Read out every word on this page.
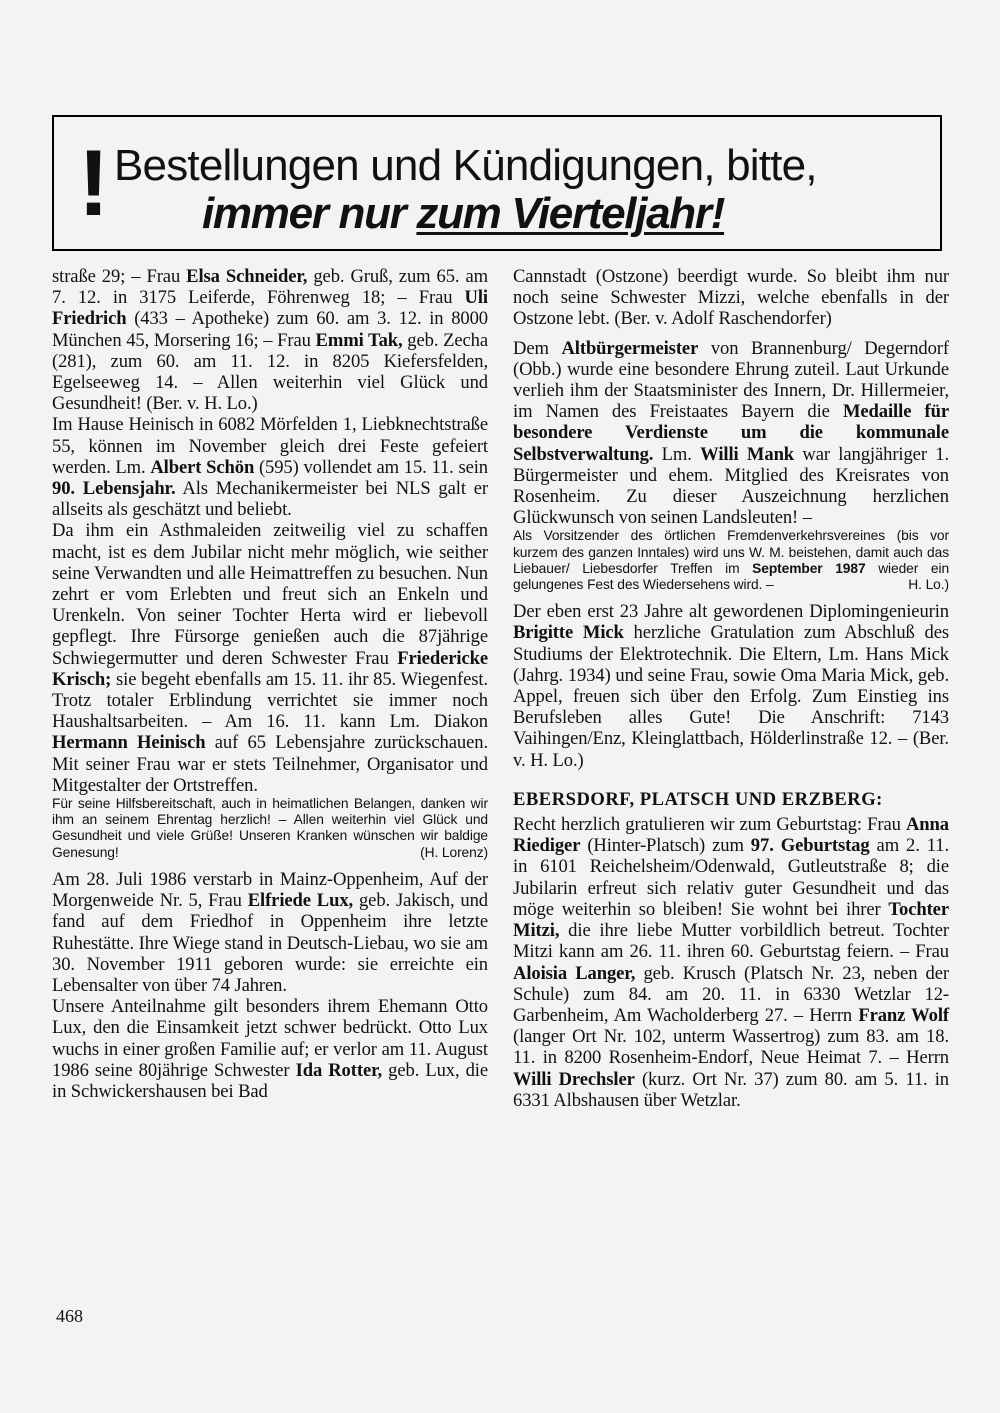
! Bestellungen und Kündigungen, bitte,
immer nur zum Vierteljahr!

straße 29; – Frau Elsa Schneider, geb. Gruß, zum 65. am 7. 12. in 3175 Leiferde, Föhrenweg 18; – Frau Uli Friedrich (433 – Apotheke) zum 60. am 3. 12. in 8000 München 45, Morsering 16; – Frau Emmi Tak, geb. Zecha (281), zum 60. am 11. 12. in 8205 Kiefersfelden, Egelseeweg 14. – Allen weiterhin viel Glück und Gesundheit! (Ber. v. H. Lo.)

Im Hause Heinisch in 6082 Mörfelden 1, Liebknechtstraße 55, können im November gleich drei Feste gefeiert werden. Lm. Albert Schön (595) vollendet am 15. 11. sein 90. Lebensjahr. Als Mechanikermeister bei NLS galt er allseits als geschätzt und beliebt.

Da ihm ein Asthmaleiden zeitweilig viel zu schaffen macht, ist es dem Jubilar nicht mehr möglich, wie seither seine Verwandten und alle Heimattreffen zu besuchen. Nun zehrt er vom Erlebten und freut sich an Enkeln und Urenkeln. Von seiner Tochter Herta wird er liebevoll gepflegt. Ihre Fürsorge genießen auch die 87jährige Schwiegermutter und deren Schwester Frau Friedericke Krisch; sie begeht ebenfalls am 15. 11. ihr 85. Wiegenfest. Trotz totaler Erblindung verrichtet sie immer noch Haushaltsarbeiten. – Am 16. 11. kann Lm. Diakon Hermann Heinisch auf 65 Lebensjahre zurückschauen. Mit seiner Frau war er stets Teilnehmer, Organisator und Mitgestalter der Ortstreffen.

Für seine Hilfsbereitschaft, auch in heimatlichen Belangen, danken wir ihm an seinem Ehrentag herzlich! – Allen weiterhin viel Glück und Gesundheit und viele Grüße! Unseren Kranken wünschen wir baldige Genesung!	(H. Lorenz)

Am 28. Juli 1986 verstarb in Mainz-Oppenheim, Auf der Morgenweide Nr. 5, Frau Elfriede Lux, geb. Jakisch, und fand auf dem Friedhof in Oppenheim ihre letzte Ruhestätte. Ihre Wiege stand in Deutsch-Liebau, wo sie am 30. November 1911 geboren wurde: sie erreichte ein Lebensalter von über 74 Jahren.

Unsere Anteilnahme gilt besonders ihrem Ehemann Otto Lux, den die Einsamkeit jetzt schwer bedrückt. Otto Lux wuchs in einer großen Familie auf; er verlor am 11. August 1986 seine 80jährige Schwester Ida Rotter, geb. Lux, die in Schwickershausen bei Bad

Cannstadt (Ostzone) beerdigt wurde. So bleibt ihm nur noch seine Schwester Mizzi, welche ebenfalls in der Ostzone lebt. (Ber. v. Adolf Raschendorfer)

Dem Altbürgermeister von Brannenburg/ Degerndorf (Obb.) wurde eine besondere Ehrung zuteil. Laut Urkunde verlieh ihm der Staatsminister des Innern, Dr. Hillermeier, im Namen des Freistaates Bayern die Medaille für besondere Verdienste um die kommunale Selbstverwaltung. Lm. Willi Mank war langjähriger 1. Bürgermeister und ehem. Mitglied des Kreisrates von Rosenheim. Zu dieser Auszeichnung herzlichen Glückwunsch von seinen Landsleuten! –

Als Vorsitzender des örtlichen Fremdenverkehrsvereines (bis vor kurzem des ganzen Inntales) wird uns W. M. beistehen, damit auch das Liebauer/ Liebesdorfer Treffen im September 1987 wieder ein gelungenes Fest des Wiedersehens wird. –	H. Lo.)

Der eben erst 23 Jahre alt gewordenen Diplomingenieurin Brigitte Mick herzliche Gratulation zum Abschluß des Studiums der Elektrotechnik. Die Eltern, Lm. Hans Mick (Jahrg. 1934) und seine Frau, sowie Oma Maria Mick, geb. Appel, freuen sich über den Erfolg. Zum Einstieg ins Berufsleben alles Gute! Die Anschrift: 7143 Vaihingen/Enz, Kleinglattbach, Hölderlinstraße 12. – (Ber. v. H. Lo.)

EBERSDORF, PLATSCH UND ERZBERG:

Recht herzlich gratulieren wir zum Geburtstag: Frau Anna Riediger (Hinter-Platsch) zum 97. Geburtstag am 2. 11. in 6101 Reichelsheim/Odenwald, Gutleutstraße 8; die Jubilarin erfreut sich relativ guter Gesundheit und das möge weiterhin so bleiben! Sie wohnt bei ihrer Tochter Mitzi, die ihre liebe Mutter vorbildlich betreut. Tochter Mitzi kann am 26. 11. ihren 60. Geburtstag feiern. – Frau Aloisia Langer, geb. Krusch (Platsch Nr. 23, neben der Schule) zum 84. am 20. 11. in 6330 Wetzlar 12-Garbenheim, Am Wacholderberg 27. – Herrn Franz Wolf (langer Ort Nr. 102, unterm Wassertrog) zum 83. am 18. 11. in 8200 Rosenheim-Endorf, Neue Heimat 7. – Herrn Willi Drechsler (kurz. Ort Nr. 37) zum 80. am 5. 11. in 6331 Albshausen über Wetzlar.

468
